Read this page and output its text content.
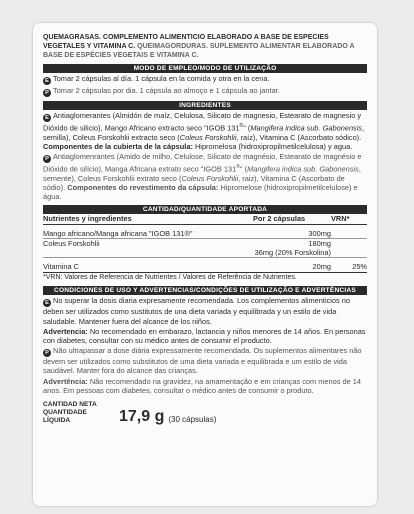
QUEMAGRASAS. COMPLEMENTO ALIMENTICIO ELABORADO A BASE DE ESPECIES VEGETALES Y VITAMINA C. QUEIMAGORDURAS. SUPLEMENTO ALIMENTAR ELABORADO A BASE DE ESPÉCIES VEGETAIS E VITAMINA C.
MODO DE EMPLEO/MODO DE UTILIZAÇÃO
E Tomar 2 cápsulas al día. 1 cápsula en la comida y otra en la cena.
P Tomar 2 cápsulas por dia. 1 cápsula ao almoço e 1 cápsula ao jantar.
INGREDIENTES
E Antiaglomerantes (Almidón de maíz, Celulosa, Silicato de magnesio, Estearato de magnesio y Dióxido de silicio), Mango Africano extracto seco "IGOB 131®" (Mangifera indica sub. Gabonensis, semilla), Coleus Forskohlii extracto seco (Coleus Forskohlii, raíz), Vitamina C (Ascorbato sódico). Componentes de la cubierta de la cápsula: Hipromelosa (hidroxipropilmetilcelulosa) y agua.
P Antiaglomenrantes (Amido de milho, Celulose, Silicato de magnésio, Estearato de magnésio e Dióxido de silício), Manga Africana extrato seco "IGOB 131®" (Mangifera indica sub. Gabonensis, semente), Coleus Forskohlii extrato seco (Coleus Forskohlii, raiz), Vitamina C (Ascorbato de sódio). Componentes do revestimento da cápsula: Hipromelose (hidroxipropilmetilcelulose) e água.
CANTIDAD/QUANTIDADE APORTADA
Nutrientes y ingredientes	Por 2 cápsulas	VRN*

Mango africano/Manga africana "IGOB 131®"	300mg	
Coleus Forskohlii	180mg	
	36mg (20% Forskolina)	

Vitamina C	20mg	25%
*VRN: Valores de Referencia de Nutrientes / Valores de Referência de Nutrientes.
CONDICIONES DE USO Y ADVERTENCIAS/CONDIÇÕES DE UTILIZAÇÃO E ADVERTÊNCIAS
E No superar la dosis diaria expresamente recomendada. Los complementos alimenticios no deben ser utilizados como sustitutos de una dieta variada y equilibrada y un estilo de vida saludable. Mantener fuera del alcance de los niños.
Advertencia: No recomendado en embarazo, lactancia y niños menores de 14 años. En personas con diabetes, consultar con su médico antes de consumir el producto.
P Não ultrapassar a dose diária expressamente recomendada. Os suplementos alimentares não devem ser utilizados como substitutos de uma dieta variada e equilibrada e um estilo de vida saudável. Manter fora do alcance das crianças.
Advertência: Não recomendado na gravidez, na amamentação e em crianças com menos de 14 anos. Em pessoas com diabetes, consultar o médico antes de consumir o produto.
CANTIDAD NETA
QUANTIDADE LÍQUIDA	17,9 g (30 cápsulas)
